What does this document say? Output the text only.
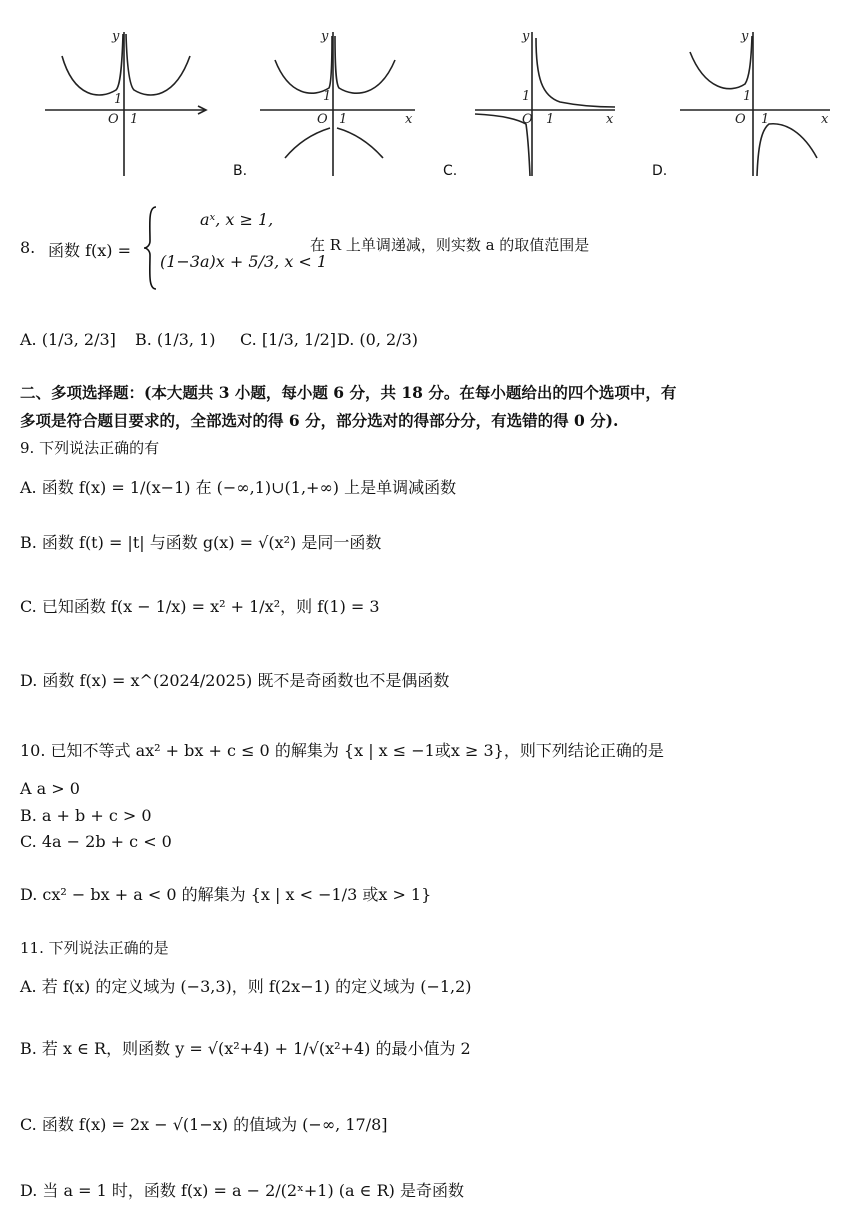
y
O 1
1
y
x
O 1
1
B.
y
x
O 1
1
C.
y
x
O 1
1
D.
8. 函数 f(x) =
aˣ, x ≥ 1,
(1−3a)x + 5/3, x < 1
在 R 上单调递减，则实数 a 的取值范围是
A. (1/3, 2/3] B. (1/3, 1) C. [1/3, 1/2] D. (0, 2/3)
二、多项选择题：(本大题共 3 小题，每小题 6 分，共 18 分。在每小题给出的四个选项中，有
多项是符合题目要求的，全部选对的得 6 分，部分选对的得部分分，有选错的得 0 分).
9. 下列说法正确的有
A. 函数 f(x) = 1/(x−1) 在 (−∞,1)∪(1,+∞) 上是单调减函数
B. 函数 f(t) = |t| 与函数 g(x) = √(x²) 是同一函数
C. 已知函数 f(x − 1/x) = x² + 1/x²，则 f(1) = 3
D. 函数 f(x) = x^(2024/2025) 既不是奇函数也不是偶函数
10. 已知不等式 ax² + bx + c ≤ 0 的解集为 {x | x ≤ −1或x ≥ 3}，则下列结论正确的是
A a > 0
B. a + b + c > 0
C. 4a − 2b + c < 0
D. cx² − bx + a < 0 的解集为 {x | x < −1/3 或x > 1}
11. 下列说法正确的是
A. 若 f(x) 的定义域为 (−3,3)，则 f(2x−1) 的定义域为 (−1,2)
B. 若 x ∈ R，则函数 y = √(x²+4) + 1/√(x²+4) 的最小值为 2
C. 函数 f(x) = 2x − √(1−x) 的值域为 (−∞, 17/8]
D. 当 a = 1 时，函数 f(x) = a − 2/(2ˣ+1) (a ∈ R) 是奇函数
